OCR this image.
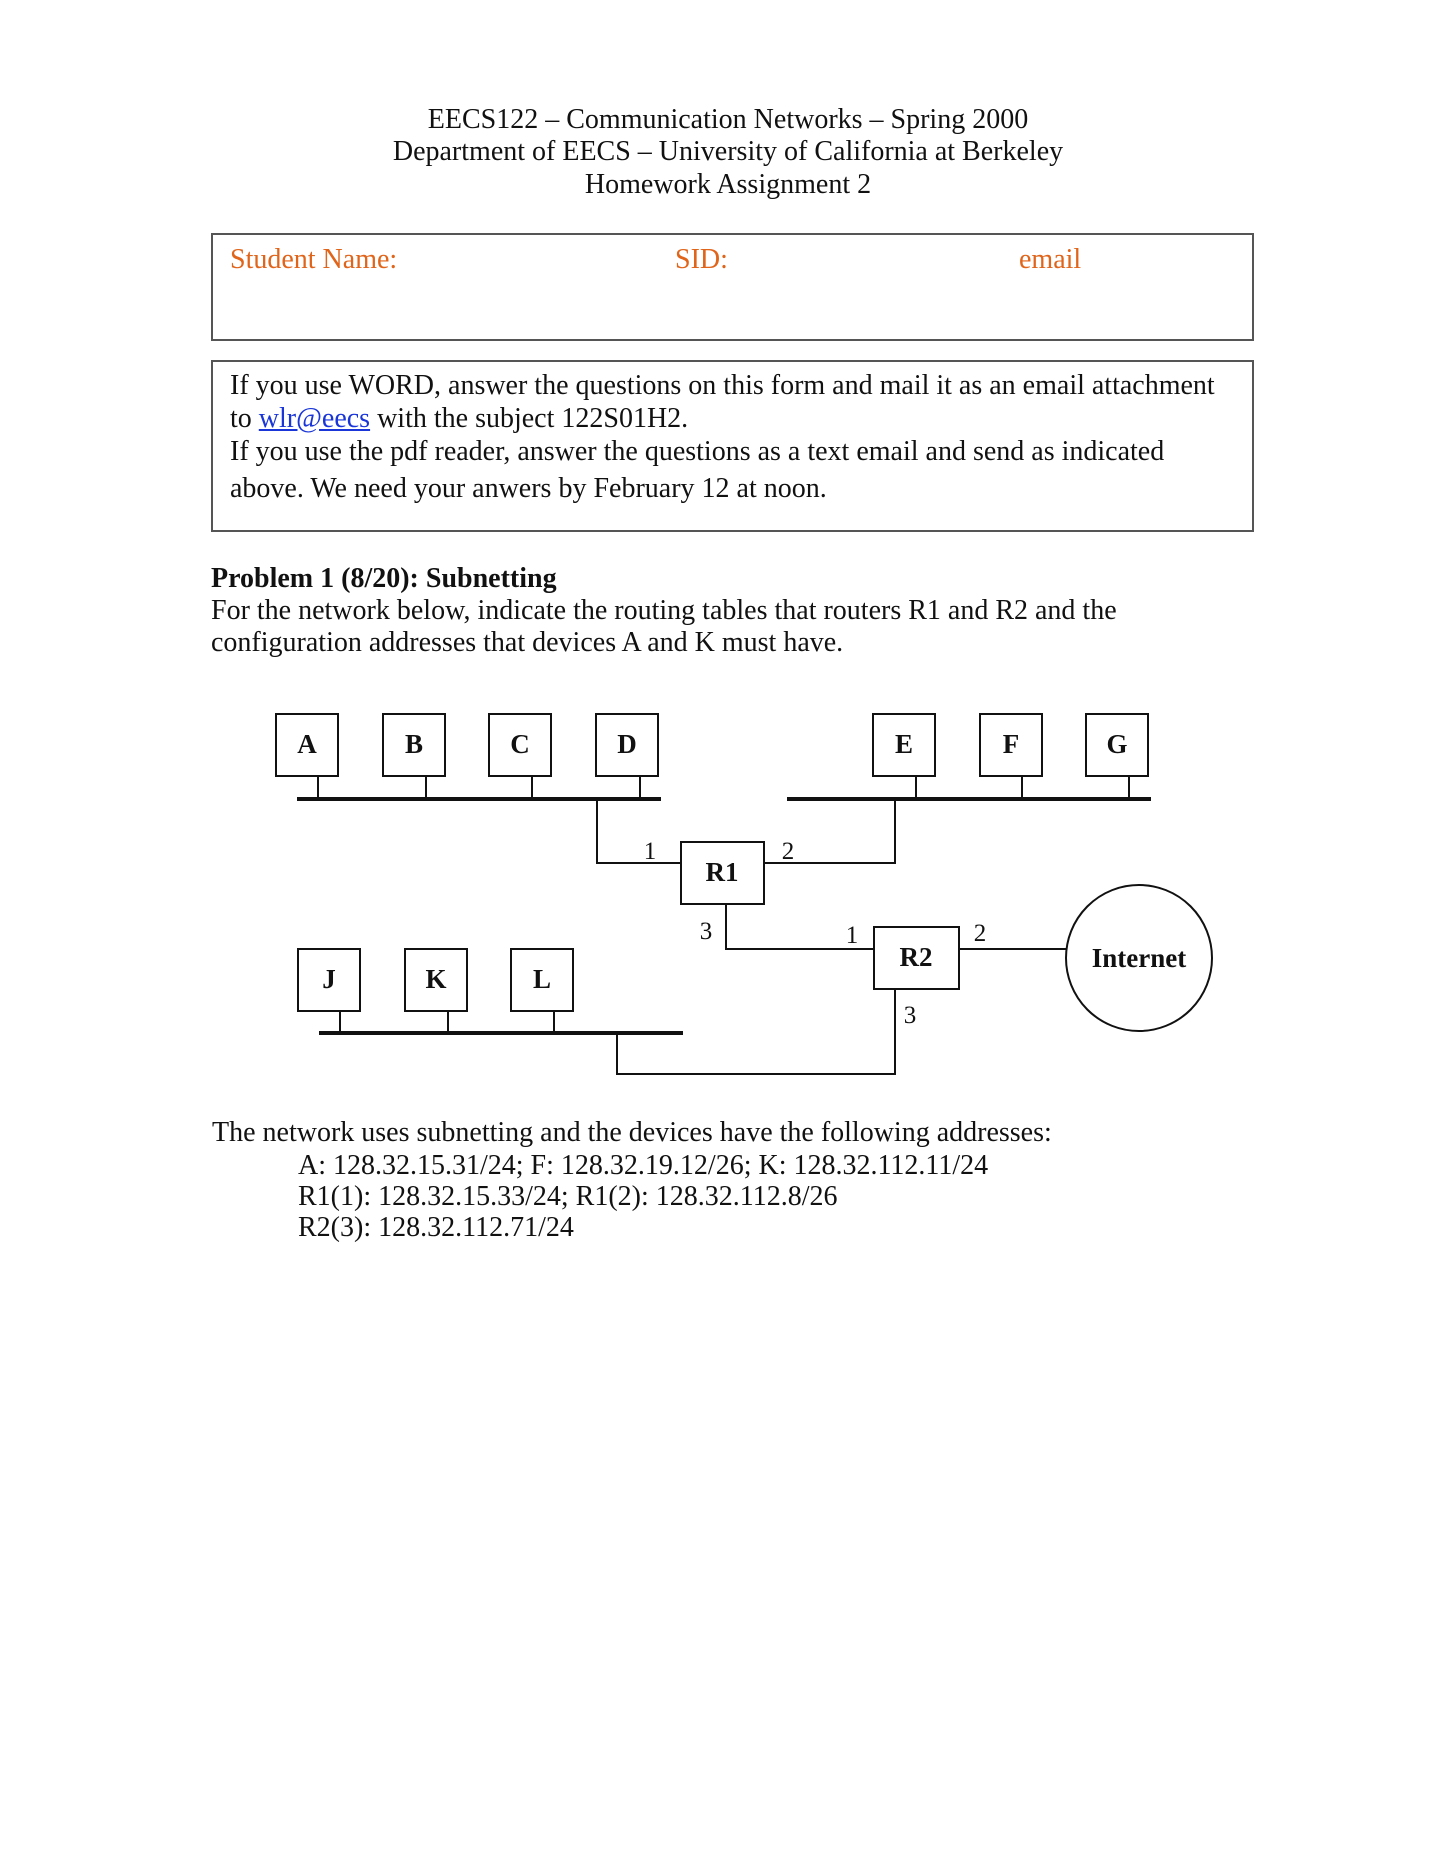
EECS122 – Communication Networks – Spring 2000
Department of EECS – University of California at Berkeley
Homework Assignment 2
Student Name:	SID:	email
If you use WORD, answer the questions on this form and mail it as an email attachment
to wlr@eecs with the subject 122S01H2.
If you use the pdf reader, answer the questions as a text email and send as indicated
above. We need your anwers by February 12 at noon.
Problem 1 (8/20): Subnetting
For the network below, indicate the routing tables that routers R1 and R2 and the
configuration addresses that devices A and K must have.
A	B	C	D	E	F	G
J	K	L
R1
R2	Internet
1	2
3	1	2
3
The network uses subnetting and the devices have the following addresses:
A: 128.32.15.31/24; F: 128.32.19.12/26; K: 128.32.112.11/24
R1(1): 128.32.15.33/24; R1(2): 128.32.112.8/26
R2(3): 128.32.112.71/24
